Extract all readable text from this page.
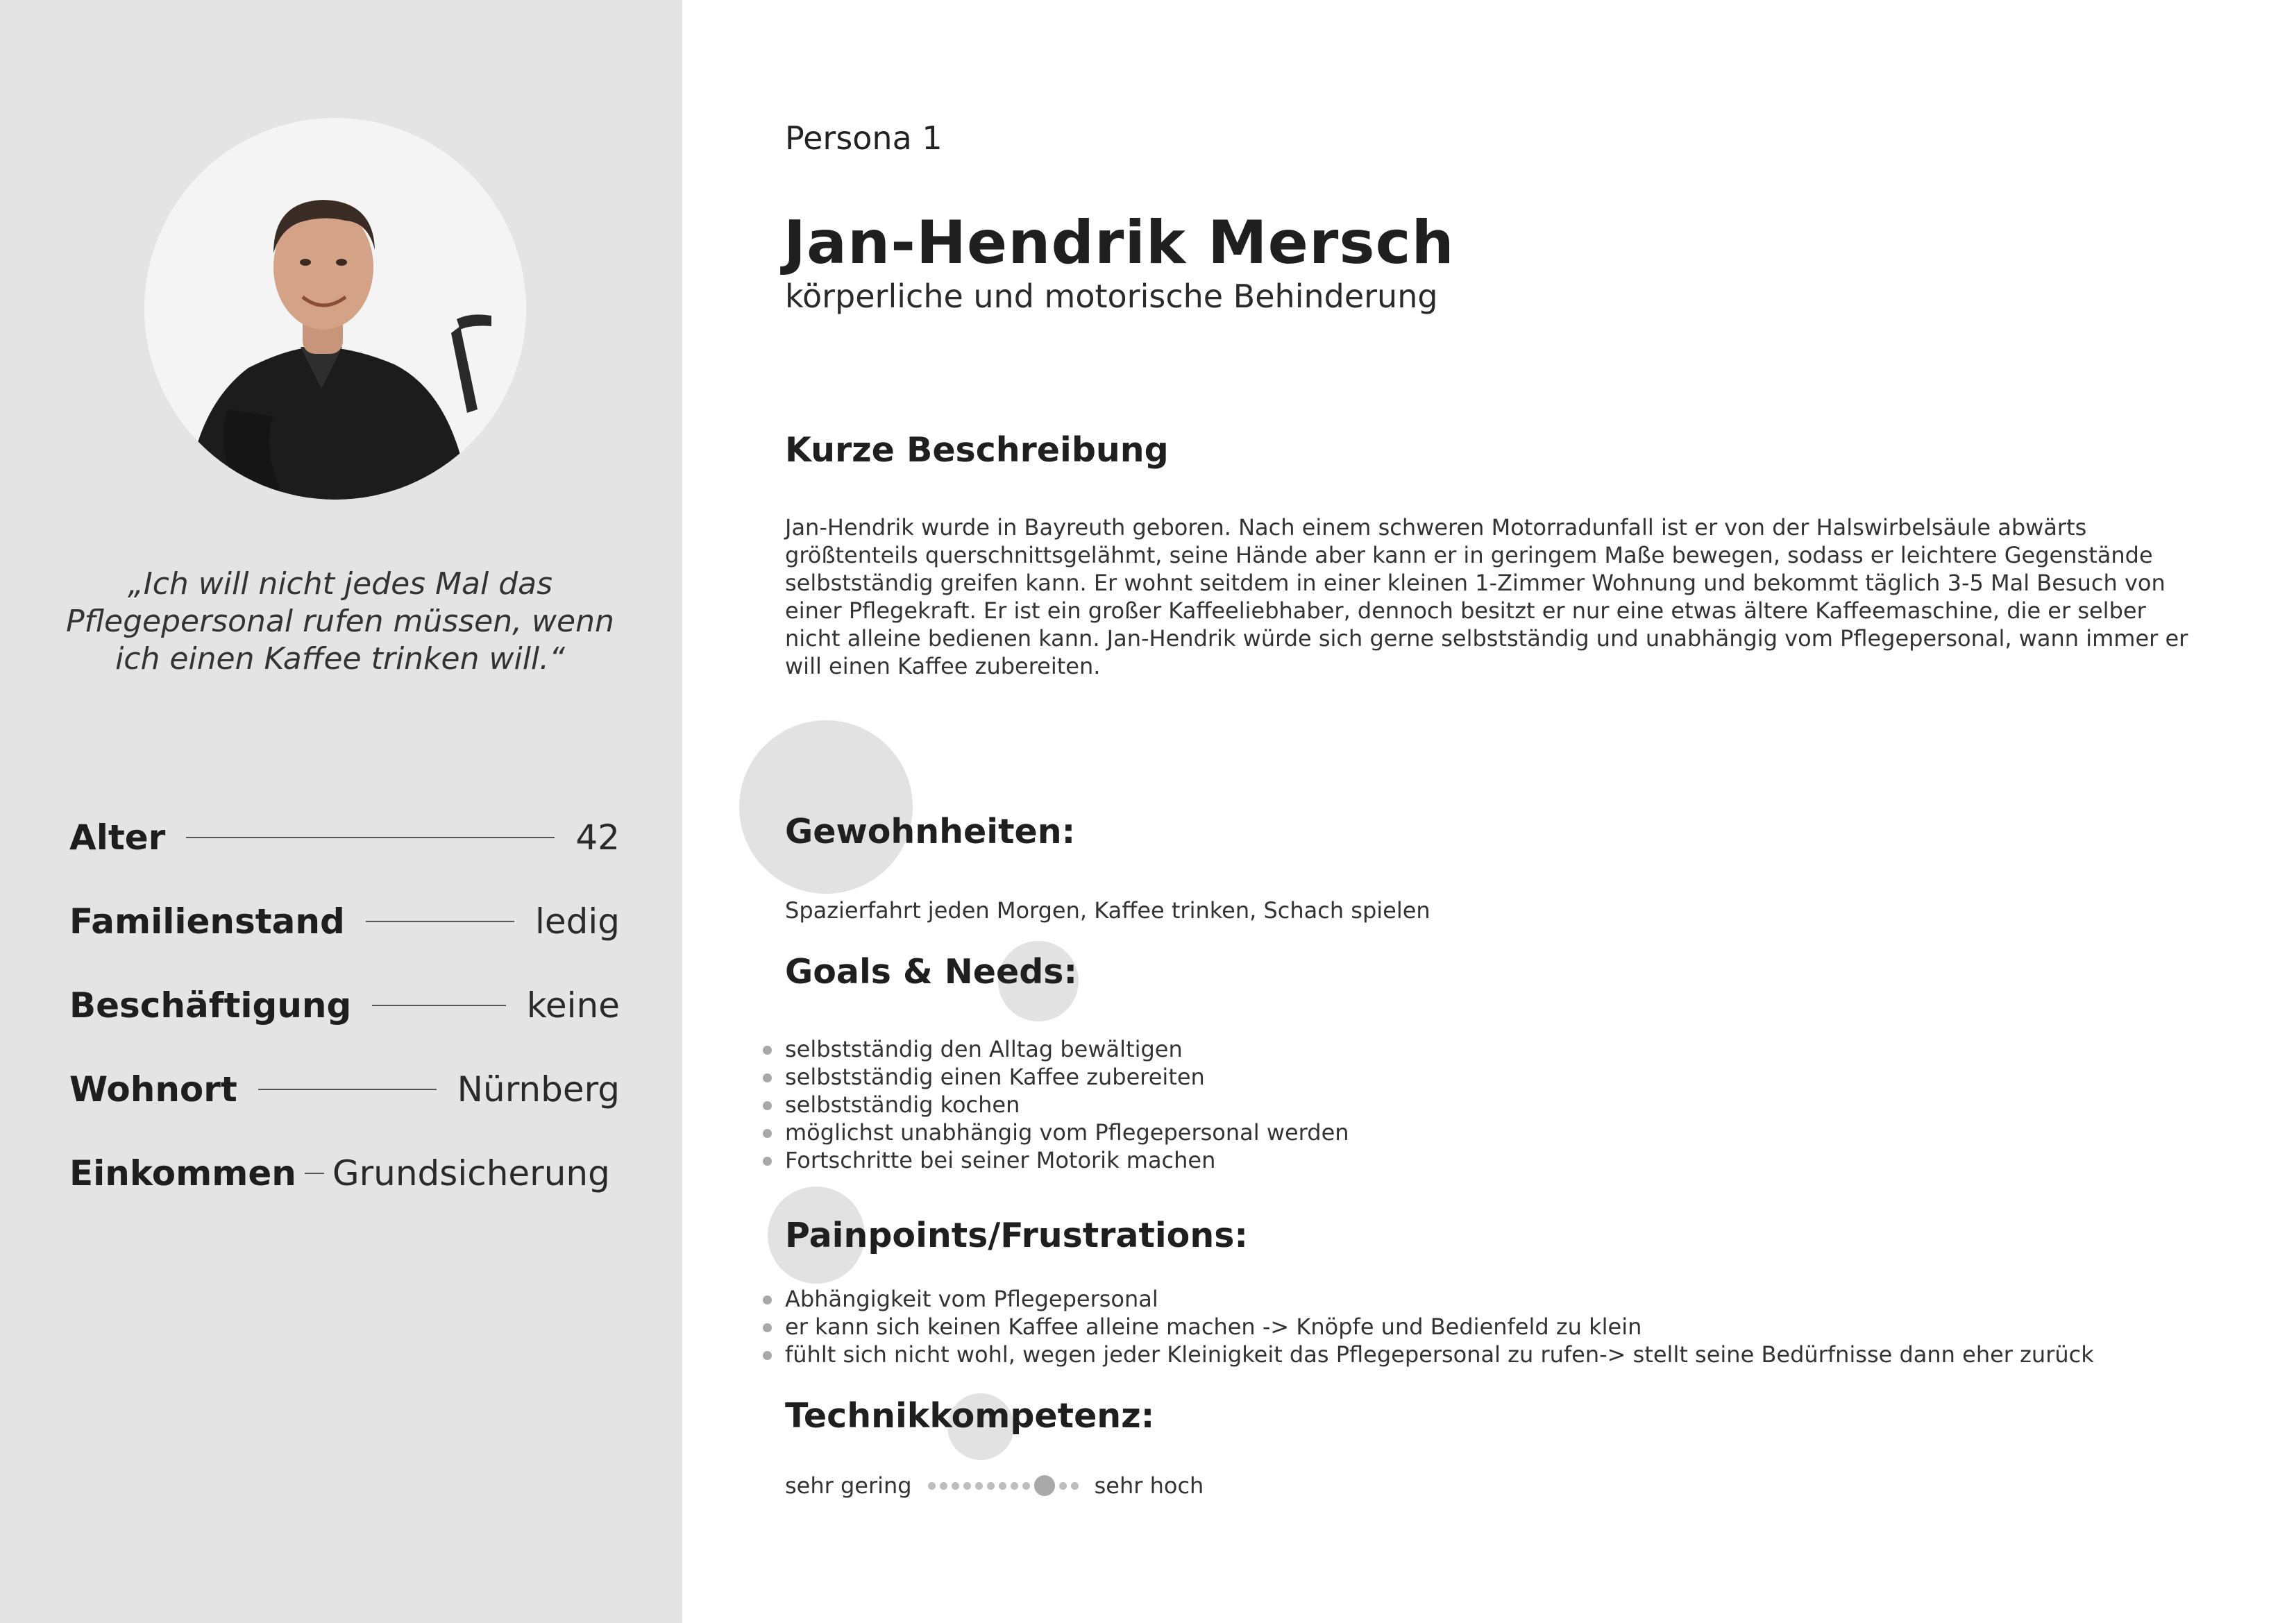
„Ich will nicht jedes Mal das Pflegepersonal rufen müssen, wenn ich einen Kaffee trinken will.“
Alter	42
Familienstand	ledig
Beschäftigung	keine
Wohnort	Nürnberg
Einkommen Grundsicherung
Persona 1
Jan-Hendrik Mersch
körperliche und motorische Behinderung
Kurze Beschreibung
Jan-Hendrik wurde in Bayreuth geboren. Nach einem schweren Motorradunfall ist er von der Halswirbelsäule abwärts größtenteils querschnittsgelähmt, seine Hände aber kann er in geringem Maße bewegen, sodass er leichtere Gegenstände selbstständig greifen kann. Er wohnt seitdem in einer kleinen 1-Zimmer Wohnung und bekommt täglich 3-5 Mal Besuch von einer Pflegekraft. Er ist ein großer Kaffeeliebhaber, dennoch besitzt er nur eine etwas ältere Kaffeemaschine, die er selber nicht alleine bedienen kann. Jan-Hendrik würde sich gerne selbstständig und unabhängig vom Pflegepersonal, wann immer er will einen Kaffee zubereiten.
Gewohnheiten:
Spazierfahrt jeden Morgen, Kaffee trinken, Schach spielen
Goals & Needs:
selbstständig den Alltag bewältigen
selbstständig einen Kaffee zubereiten
selbstständig kochen
möglichst unabhängig vom Pflegepersonal werden
Fortschritte bei seiner Motorik machen
Painpoints/Frustrations:
Abhängigkeit vom Pflegepersonal
er kann sich keinen Kaffee alleine machen -> Knöpfe und Bedienfeld zu klein
fühlt sich nicht wohl, wegen jeder Kleinigkeit das Pflegepersonal zu rufen-> stellt seine Bedürfnisse dann eher zurück
Technikkompetenz:
sehr gering	sehr hoch
